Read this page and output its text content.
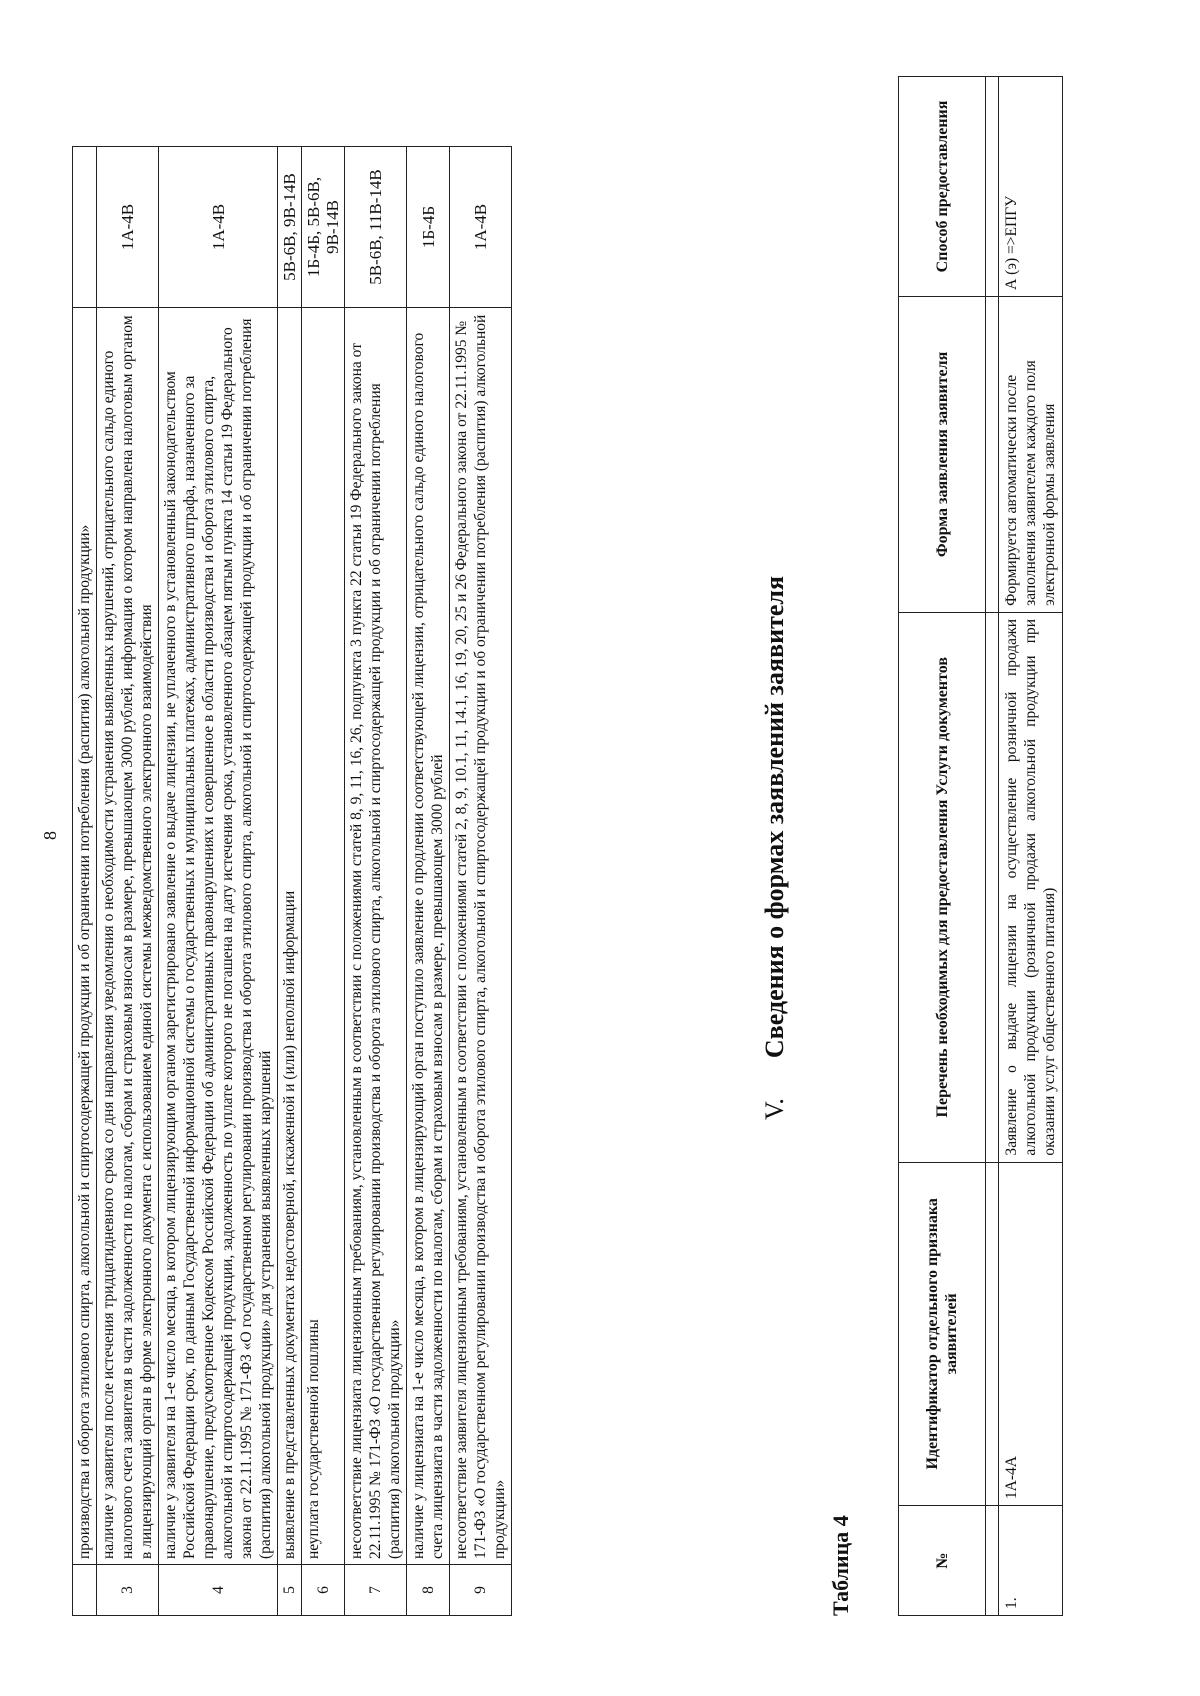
8
	производства и оборота этилового спирта, алкогольной и спиртосодержащей продукции и об ограничении потребления (распития) алкогольной продукции»	
3	наличие у заявителя после истечения тридцатидневного срока со дня направления уведомления о необходимости устранения выявленных нарушений, отрицательного сальдо единого налогового счета заявителя в части задолженности по налогам, сборам и страховым взносам в размере, превышающем 3000 рублей, информация о котором направлена налоговым органом в лицензирующий орган в форме электронного документа с использованием единой системы межведомственного электронного взаимодействия	1А-4В
4	наличие у заявителя на 1-е число месяца, в котором лицензирующим органом зарегистрировано заявление о выдаче лицензии, не уплаченного в установленный законодательством Российской Федерации срок, по данным Государственной информационной системы о государственных и муниципальных платежах, административного штрафа, назначенного за правонарушение, предусмотренное Кодексом Российской Федерации об административных правонарушениях и совершенное в области производства и оборота этилового спирта, алкогольной и спиртосодержащей продукции, задолженность по уплате которого не погашена на дату истечения срока, установленного абзацем пятым пункта 14 статьи 19 Федерального закона от 22.11.1995 № 171-ФЗ «О государственном регулировании производства и оборота этилового спирта, алкогольной и спиртосодержащей продукции и об ограничении потребления (распития) алкогольной продукции» для устранения выявленных нарушений	1А-4В
5	выявление в представленных документах недостоверной, искаженной и (или) неполной информации	5В-6В, 9В-14В
6	неуплата государственной пошлины	1Б-4Б, 5В-6В, 9В-14В
7	несоответствие лицензиата лицензионным требованиям, установленным в соответствии с положениями статей 8, 9, 11, 16, 26, подпункта 3 пункта 22 статьи 19 Федерального закона от 22.11.1995 № 171-ФЗ «О государственном регулировании производства и оборота этилового спирта, алкогольной и спиртосодержащей продукции и об ограничении потребления (распития) алкогольной продукции»	5В-6В, 11В-14В
8	наличие у лицензиата на 1-е число месяца, в котором в лицензирующий орган поступило заявление о продлении соответствующей лицензии, отрицательного сальдо единого налогового счета лицензиата в части задолженности по налогам, сборам и страховым взносам в размере, превышающем 3000 рублей	1Б-4Б
9	несоответствие заявителя лицензионным требованиям, установленным в соответствии с положениями статей 2, 8, 9, 10.1, 11, 14.1, 16, 19, 20, 25 и 26 Федерального закона от 22.11.1995 № 171-ФЗ «О государственном регулировании производства и оборота этилового спирта, алкогольной и спиртосодержащей продукции и об ограничении потребления (распития) алкогольной продукции»	1А-4В
V.Сведения о формах заявлений заявителя
Таблица 4	№	Идентификатор отдельного признака заявителей	Перечень необходимых для предоставления Услуги документов	Форма заявления заявителя	Способ предоставления

1.	1А-4А	Заявление о выдаче лицензии на осуществление розничной продажи алкогольной продукции (розничной продажи алкогольной продукции при оказании услуг общественного питания)	Формируется автоматически после заполнения заявителем каждого поля электронной формы заявления	А (э) =>ЕПГУ
